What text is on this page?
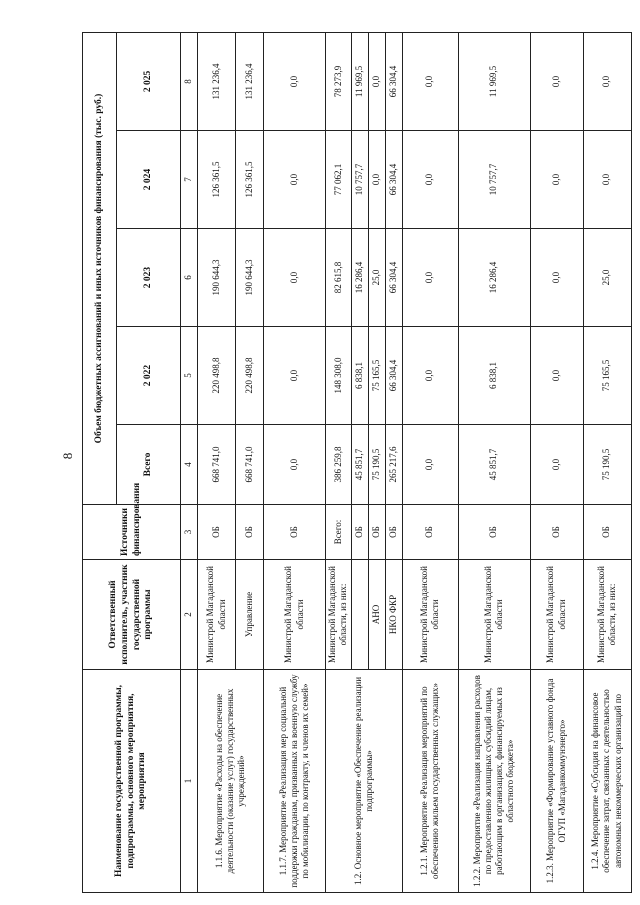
8
Наименование государственной программы, подпрограммы, основного мероприятия, мероприятия	Ответственный исполнитель, участник государственной программы	Источники финансирования	Объем бюджетных ассигнований и иных источников финансирования (тыс. руб.)				
			Всего	2 022	2 023	2 024	2 025
1	2	3	4	5	6	7	8
1.1.6. Мероприятие «Расходы на обеспечение деятельности (оказание услуг) государственных учреждений»	Министрой Магаданской области	ОБ	668 741,0	220 498,8	190 644,3	126 361,5	131 236,4
	Управление	ОБ	668 741,0	220 498,8	190 644,3	126 361,5	131 236,4
1.1.7. Мероприятие «Реализация мер социальной поддержки гражданам, призванных на военную службу по мобилизации, по контракту, и членов их семей»	Министрой Магаданской области	ОБ	0,0	0,0	0,0	0,0	0,0
1.2. Основное мероприятие «Обеспечение реализации подпрограммы»	Министрой Магаданской области, из них:	Всего:	386 259,8	148 308,0	82 615,8	77 062,1	78 273,9
		ОБ	45 851,7	6 838,1	16 286,4	10 757,7	11 969,5
	АНО	ОБ	75 190,5	75 165,5	25,0	0,0	0,0
	НКО ФКР	ОБ	265 217,6	66 304,4	66 304,4	66 304,4	66 304,4
1.2.1. Мероприятие «Реализация мероприятий по обеспечению жильем государственных служащих»	Министрой Магаданской области	ОБ	0,0	0,0	0,0	0,0	0,0
1.2.2. Мероприятие «Реализация направления расходов по предоставлению жилищных субсидий лицам, работающим в организациях, финансируемых из областного бюджета»	Министрой Магаданской области	ОБ	45 851,7	6 838,1	16 286,4	10 757,7	11 969,5
1.2.3. Мероприятие «Формирование уставного фонда ОГУП «Магаданкоммунэнерго»	Министрой Магаданской области	ОБ	0,0	0,0	0,0	0,0	0,0
1.2.4. Мероприятие «Субсидия на финансовое обеспечение затрат, связанных с деятельностью автономных некоммерческих организаций по	Министрой Магаданской области, из них:	ОБ	75 190,5	75 165,5	25,0	0,0	0,0
